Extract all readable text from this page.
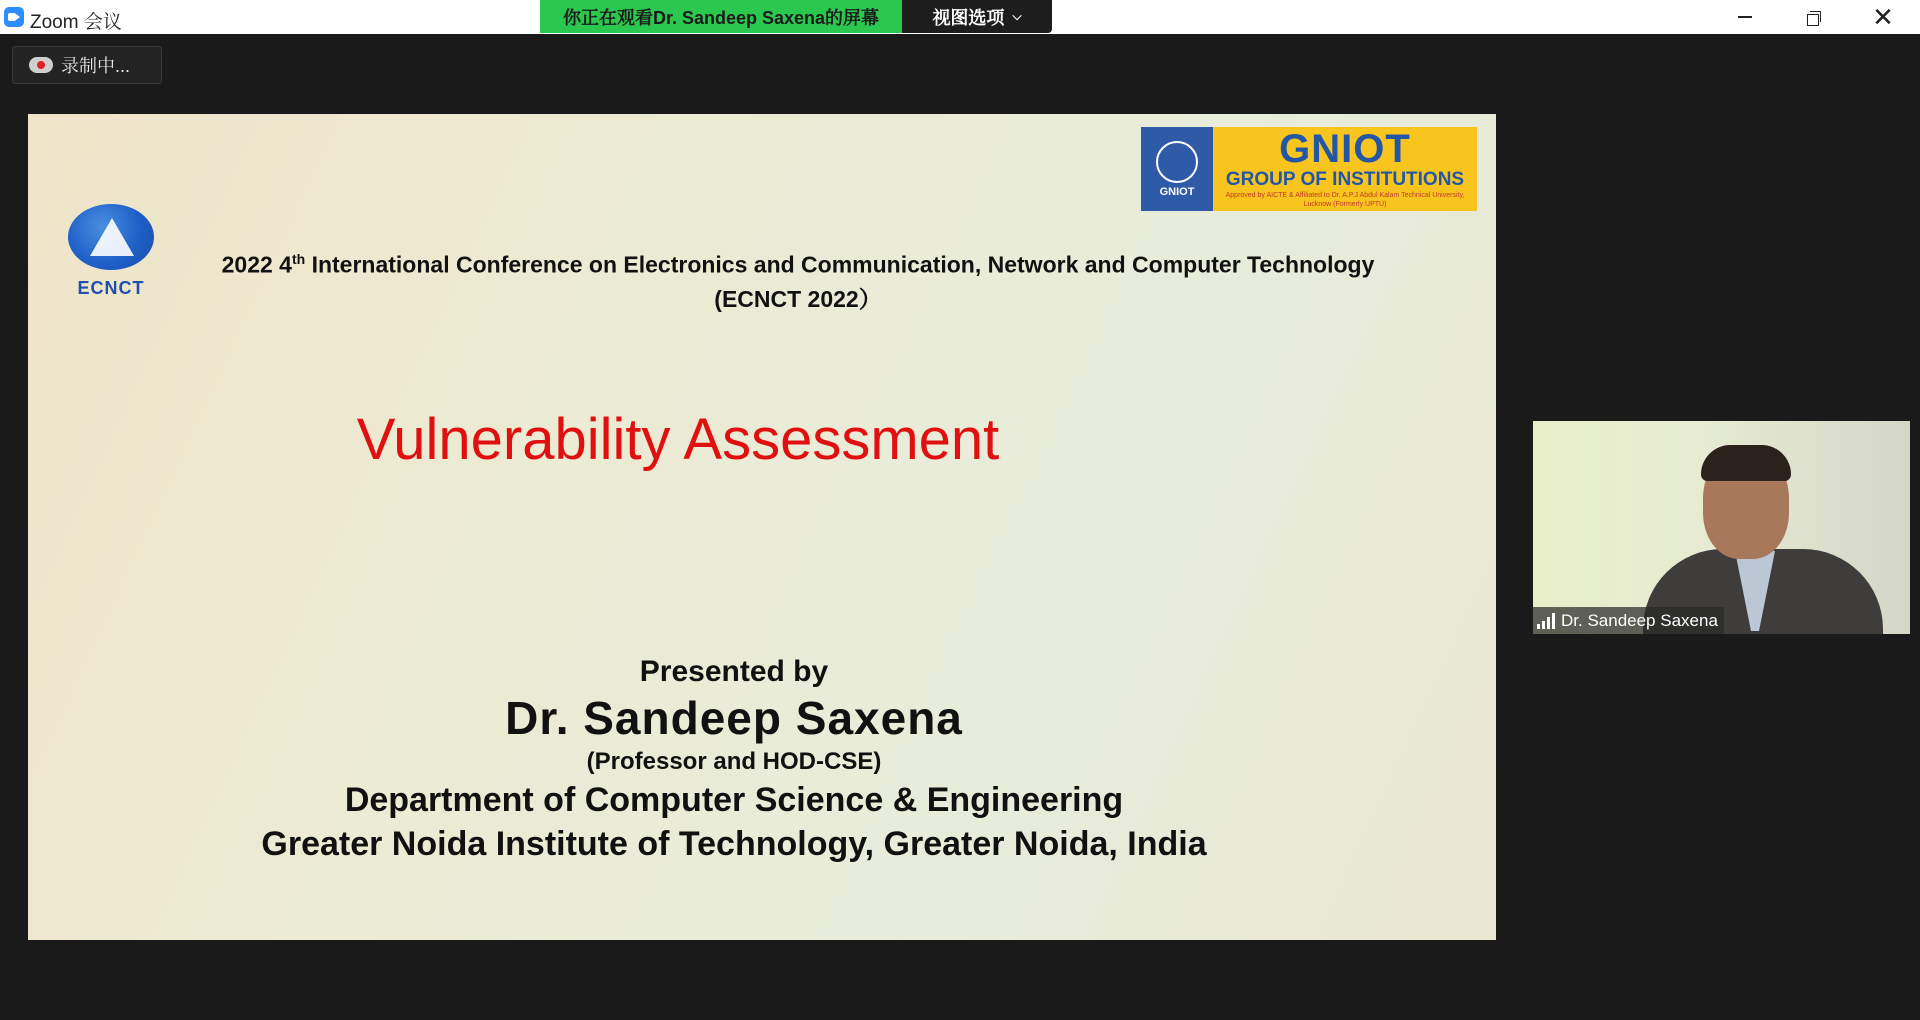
Zoom 会议	你正在观看Dr. Sandeep Saxena的屏幕	视图选项 ⌵	✕
录制中...
ECNCT
GNIOT
GNIOT
GROUP OF INSTITUTIONS
Approved by AICTE & Affiliated to Dr. A.P.J Abdul Kalam Technical University, Lucknow (Formerly UPTU)
2022 4th International Conference on Electronics and Communication, Network and Computer Technology
(ECNCT 2022）
Vulnerability Assessment
Presented by
Dr. Sandeep Saxena
(Professor and HOD-CSE)
Department of Computer Science & Engineering
Greater Noida Institute of Technology, Greater Noida, India
Dr. Sandeep Saxena
